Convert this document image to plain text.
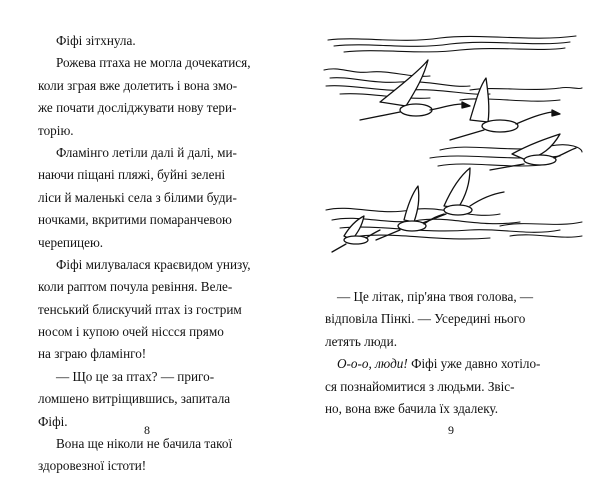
Фіфі зітхнула.

Рожева птаха не могла дочекатися,
коли зграя вже долетить і вона змо-
же почати досліджувати нову тери-
торію.

Фламінго летіли далі й далі, ми-
наючи піщані пляжі, буйні зелені
ліси й маленькі села з білими буди-
ночками, вкритими помаранчевою
черепицею.

Фіфі милувалася краєвидом унизу,
коли раптом почула ревіння. Веле-
тенський блискучий птах із гострим
носом і купою очей ніссся прямо
на зграю фламінго!

— Що це за птах? — приго-
ломшено витріщившись, запитала
Фіфі.

Вона ще ніколи не бачила такої
здоровезної істоти!

8

— Це літак, пір'яна твоя голова, —
відповіла Пінкі. — Усередині нього
летять люди.

О-о-о, люди! Фіфі уже давно хотіло-
ся познайомитися з людьми. Звіс-
но, вона вже бачила їх здалеку.

9
